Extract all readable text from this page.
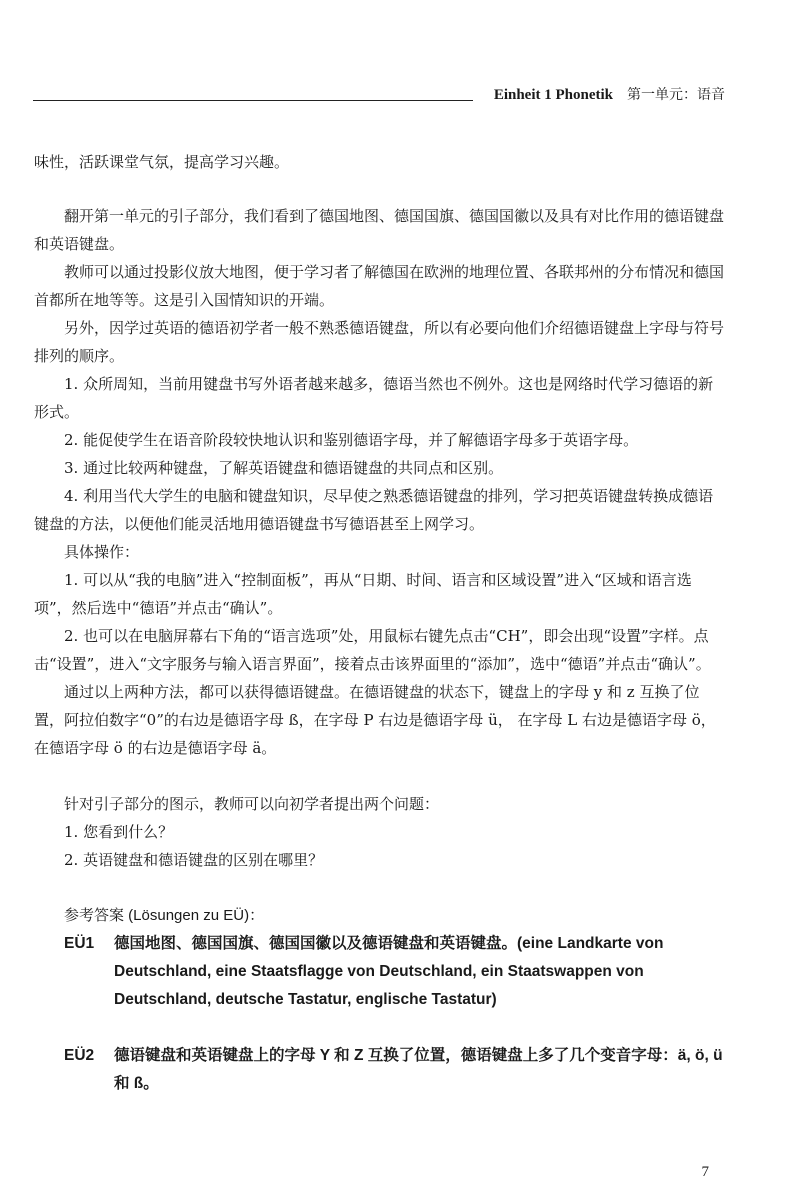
Einheit 1 Phonetik 第一单元：语音

味性，活跃课堂气氛，提高学习兴趣。

翻开第一单元的引子部分，我们看到了德国地图、德国国旗、德国国徽以及具有对比作用的德语键盘和英语键盘。

教师可以通过投影仪放大地图，便于学习者了解德国在欧洲的地理位置、各联邦州的分布情况和德国首都所在地等等。这是引入国情知识的开端。

另外，因学过英语的德语初学者一般不熟悉德语键盘，所以有必要向他们介绍德语键盘上字母与符号排列的顺序。

1. 众所周知，当前用键盘书写外语者越来越多，德语当然也不例外。这也是网络时代学习德语的新形式。

2. 能促使学生在语音阶段较快地认识和鉴别德语字母，并了解德语字母多于英语字母。

3. 通过比较两种键盘，了解英语键盘和德语键盘的共同点和区别。

4. 利用当代大学生的电脑和键盘知识，尽早使之熟悉德语键盘的排列，学习把英语键盘转换成德语键盘的方法，以便他们能灵活地用德语键盘书写德语甚至上网学习。

具体操作：

1. 可以从“我的电脑”进入“控制面板”，再从“日期、时间、语言和区域设置”进入“区域和语言选项”，然后选中“德语”并点击“确认”。

2. 也可以在电脑屏幕右下角的“语言选项”处，用鼠标右键先点击“CH”，即会出现“设置”字样。点击“设置”，进入“文字服务与输入语言界面”，接着点击该界面里的“添加”，选中“德语”并点击“确认”。

通过以上两种方法，都可以获得德语键盘。在德语键盘的状态下，键盘上的字母 y 和 z 互换了位置，阿拉伯数字“0”的右边是德语字母 ß，在字母 P 右边是德语字母 ü， 在字母 L 右边是德语字母 ö， 在德语字母 ö 的右边是德语字母 ä。

针对引子部分的图示，教师可以向初学者提出两个问题：

1. 您看到什么？

2. 英语键盘和德语键盘的区别在哪里？

参考答案 (Lösungen zu EÜ)：

EÜ1	德国地图、德国国旗、德国国徽以及德语键盘和英语键盘。(eine Landkarte von Deutschland, eine Staatsflagge von Deutschland, ein Staatswappen von Deutschland, deutsche Tastatur, englische Tastatur)
EÜ2	德语键盘和英语键盘上的字母 Y 和 Z 互换了位置，德语键盘上多了几个变音字母：ä, ö, ü 和 ß。
7
